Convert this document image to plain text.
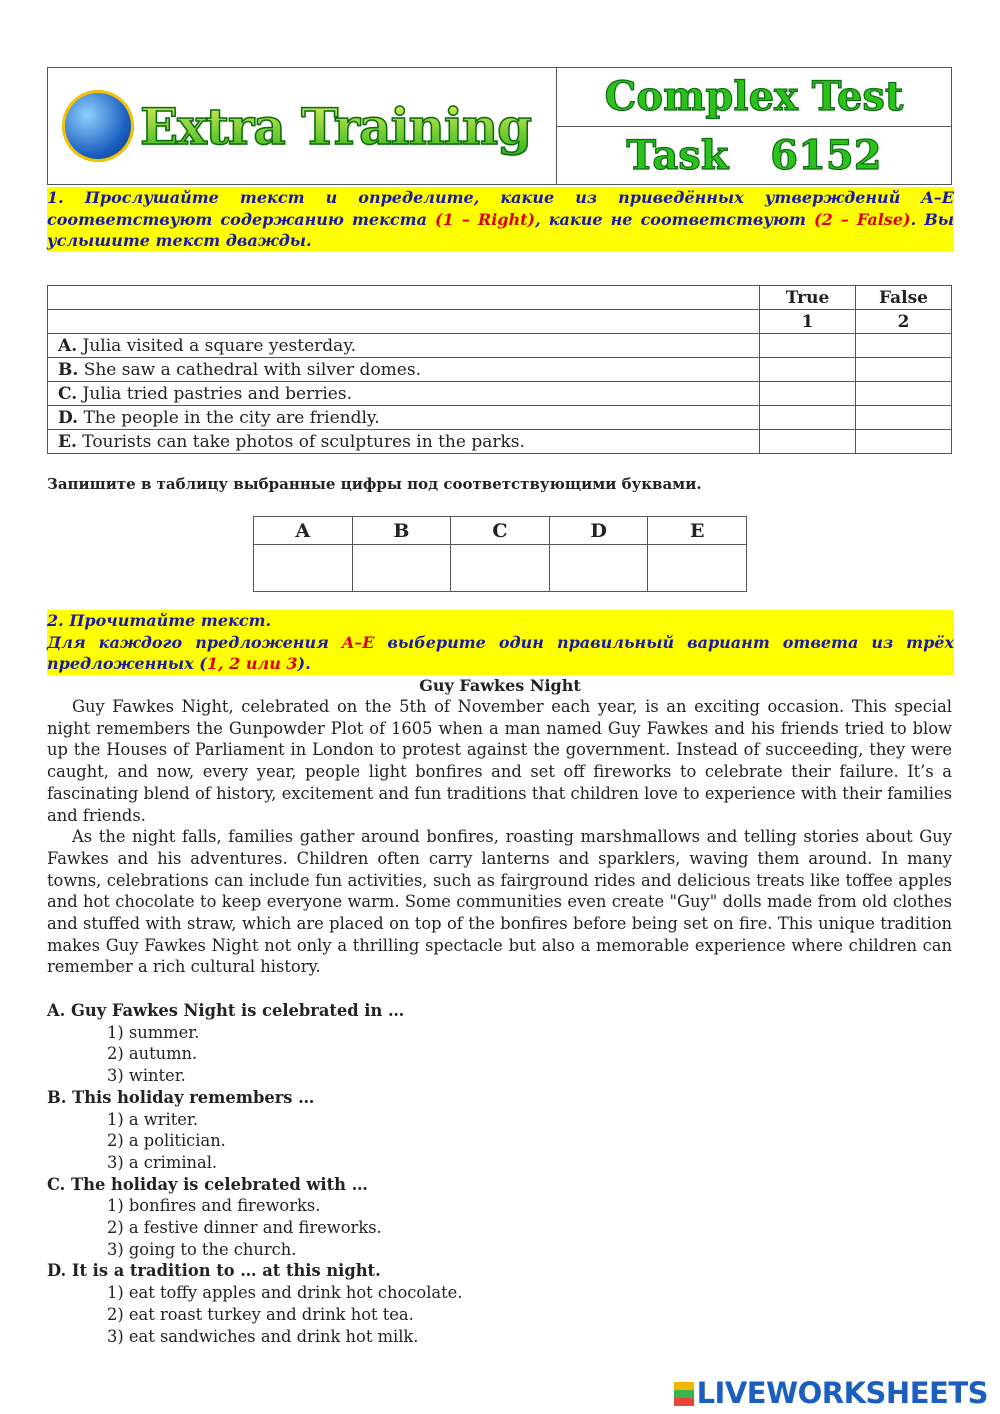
Extra Training	Complex Test
Task   6152
1. Прослушайте текст и определите, какие из приведённых утверждений A–E соответствуют содержанию текста (1 – Right), какие не соответствуют (2 – False). Вы услышите текст дважды.
	True	False
	1	2
A. Julia visited a square yesterday.		
B. She saw a cathedral with silver domes.		
C. Julia tried pastries and berries.		
D. The people in the city are friendly.		
E. Tourists can take photos of sculptures in the parks.		
Запишите в таблицу выбранные цифры под соответствующими буквами.
A	B	C	D	E

2. Прочитайте текст.
Для каждого предложения A–E выберите один правильный вариант ответа из трёх предложенных (1, 2 или 3).
Guy Fawkes Night

Guy Fawkes Night, celebrated on the 5th of November each year, is an exciting occasion. This special night remembers the Gunpowder Plot of 1605 when a man named Guy Fawkes and his friends tried to blow up the Houses of Parliament in London to protest against the government. Instead of succeeding, they were caught, and now, every year, people light bonfires and set off fireworks to celebrate their failure. It’s a fascinating blend of history, excitement and fun traditions that children love to experience with their families and friends.

As the night falls, families gather around bonfires, roasting marshmallows and telling stories about Guy Fawkes and his adventures. Children often carry lanterns and sparklers, waving them around. In many towns, celebrations can include fun activities, such as fairground rides and delicious treats like toffee apples and hot chocolate to keep everyone warm. Some communities even create "Guy" dolls made from old clothes and stuffed with straw, which are placed on top of the bonfires before being set on fire. This unique tradition makes Guy Fawkes Night not only a thrilling spectacle but also a memorable experience where children can remember a rich cultural history.

A. Guy Fawkes Night is celebrated in …
1) summer.
2) autumn.
3) winter.
B. This holiday remembers …
1) a writer.
2) a politician.
3) a criminal.
C. The holiday is celebrated with …
1) bonfires and fireworks.
2) a festive dinner and fireworks.
3) going to the church.
D. It is a tradition to … at this night.
1) eat toffy apples and drink hot chocolate.
2) eat roast turkey and drink hot tea.
3) eat sandwiches and drink hot milk.
LIVEWORKSHEETS
